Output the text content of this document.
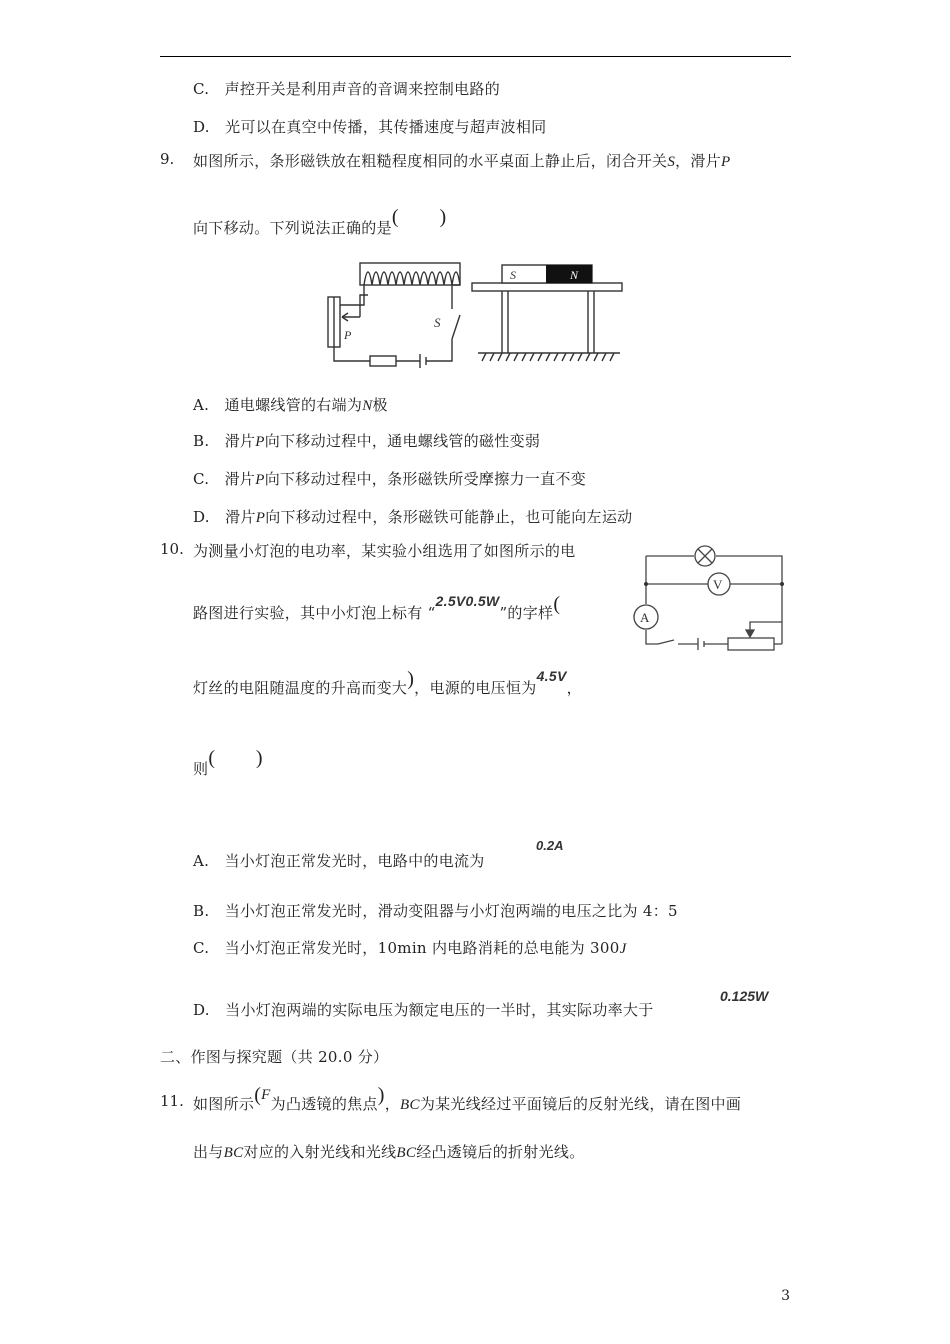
C.　声控开关是利用声音的音调来控制电路的
D.　光可以在真空中传播，其传播速度与超声波相同
9. 如图所示，条形磁铁放在粗糙程度相同的水平桌面上静止后，闭合开关S，滑片P
向下移动。下列说法正确的是(　　)
S	N
P
S
A.　通电螺线管的右端为N极
B.　滑片P向下移动过程中，通电螺线管的磁性变弱
C.　滑片P向下移动过程中，条形磁铁所受摩擦力一直不变
D.　滑片P向下移动过程中，条形磁铁可能静止，也可能向左运动
10. 为测量小灯泡的电功率，某实验小组选用了如图所示的电
路图进行实验，其中小灯泡上标有 “2.5V0.5W”的字样(
灯丝的电阻随温度的升高而变大)，电源的电压恒为4.5V，
则(　　)
V
A
A.　当小灯泡正常发光时，电路中的电流为
0.2A
B.　当小灯泡正常发光时，滑动变阻器与小灯泡两端的电压之比为 4：5
C.　当小灯泡正常发光时，10min 内电路消耗的总电能为 300J
D.　当小灯泡两端的实际电压为额定电压的一半时，其实际功率大于
0.125W
二、作图与探究题（共 20.0 分）
11. 如图所示(F为凸透镜的焦点)，BC为某光线经过平面镜后的反射光线，请在图中画
出与BC对应的入射光线和光线BC经凸透镜后的折射光线。
3
